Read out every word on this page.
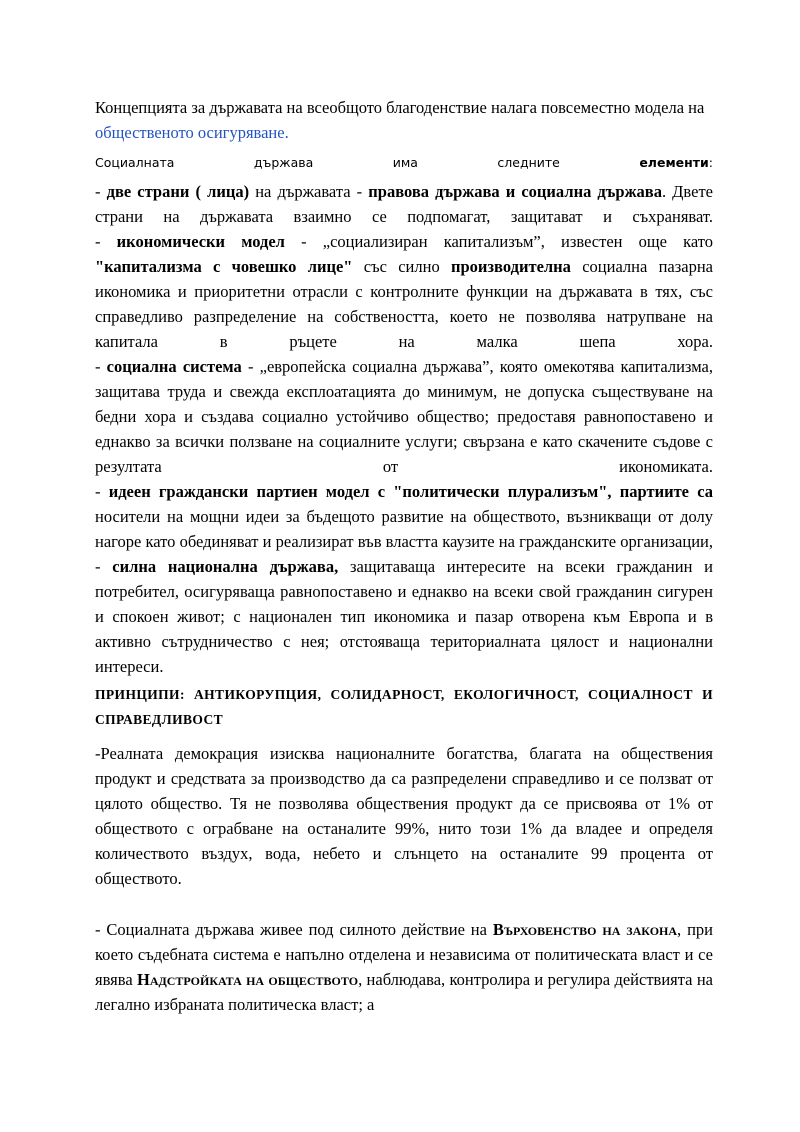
Концепцията за държавата на всеобщото благоденствие налага повсеместно модела на общественото осигуряване.
Социалната държава има следните елементи:
- две страни ( лица) на държавата - правова държава и социална държава. Двете страни на държавата взаимно се подпомагат, защитават и съхраняват.
- икономически модел - „социализиран капитализъм”, известен още като "капитализма с човешко лице" със силно производителна социална пазарна икономика и приоритетни отрасли с контролните функции на държавата в тях, със справедливо разпределение на собствеността, което не позволява натрупване на капитала в ръцете на малка шепа хора.
- социална система - „европейска социална държава”, която омекотява капитализма, защитава труда и свежда експлоатацията до минимум, не допуска съществуване на бедни хора и създава социално устойчиво общество; предоставя равнопоставено и еднакво за всички ползване на социалните услуги; свързана е като скачените съдове с резултата от икономиката.
- идеен граждански партиен модел с "политически плурализъм", партиите са носители на мощни идеи за бъдещото развитие на обществото, възникващи от долу нагоре като обединяват и реализират във властта каузите на гражданските организации,
- силна национална държава, защитаваща интересите на всеки гражданин и потребител, осигуряваща равнопоставено и еднакво на всеки свой гражданин сигурен и спокоен живот; с национален тип икономика и пазар отворена към Европа и в активно сътрудничество с нея; отстояваща териториалната цялост и национални интереси.
ПРИНЦИПИ: АНТИКОРУПЦИЯ, СОЛИДАРНОСТ, ЕКОЛОГИЧНОСТ, СОЦИАЛНОСТ И СПРАВЕДЛИВОСТ
-Реалната демокрация изисква националните богатства, благата на обществения продукт и средствата за производство да са разпределени справедливо и се ползват от цялото общество. Тя не позволява обществения продукт да се присвоява от 1% от обществото с ограбване на останалите 99%, нито този 1% да владее и определя количеството въздух, вода, небето и слънцето на останалите 99 процента от обществото.
- Социалната държава живее под силното действие на Върховенство на закона, при което съдебната система е напълно отделена и независима от политическата власт и се явява Надстройката на обществото, наблюдава, контролира и регулира действията на легално избраната политическа власт; а
